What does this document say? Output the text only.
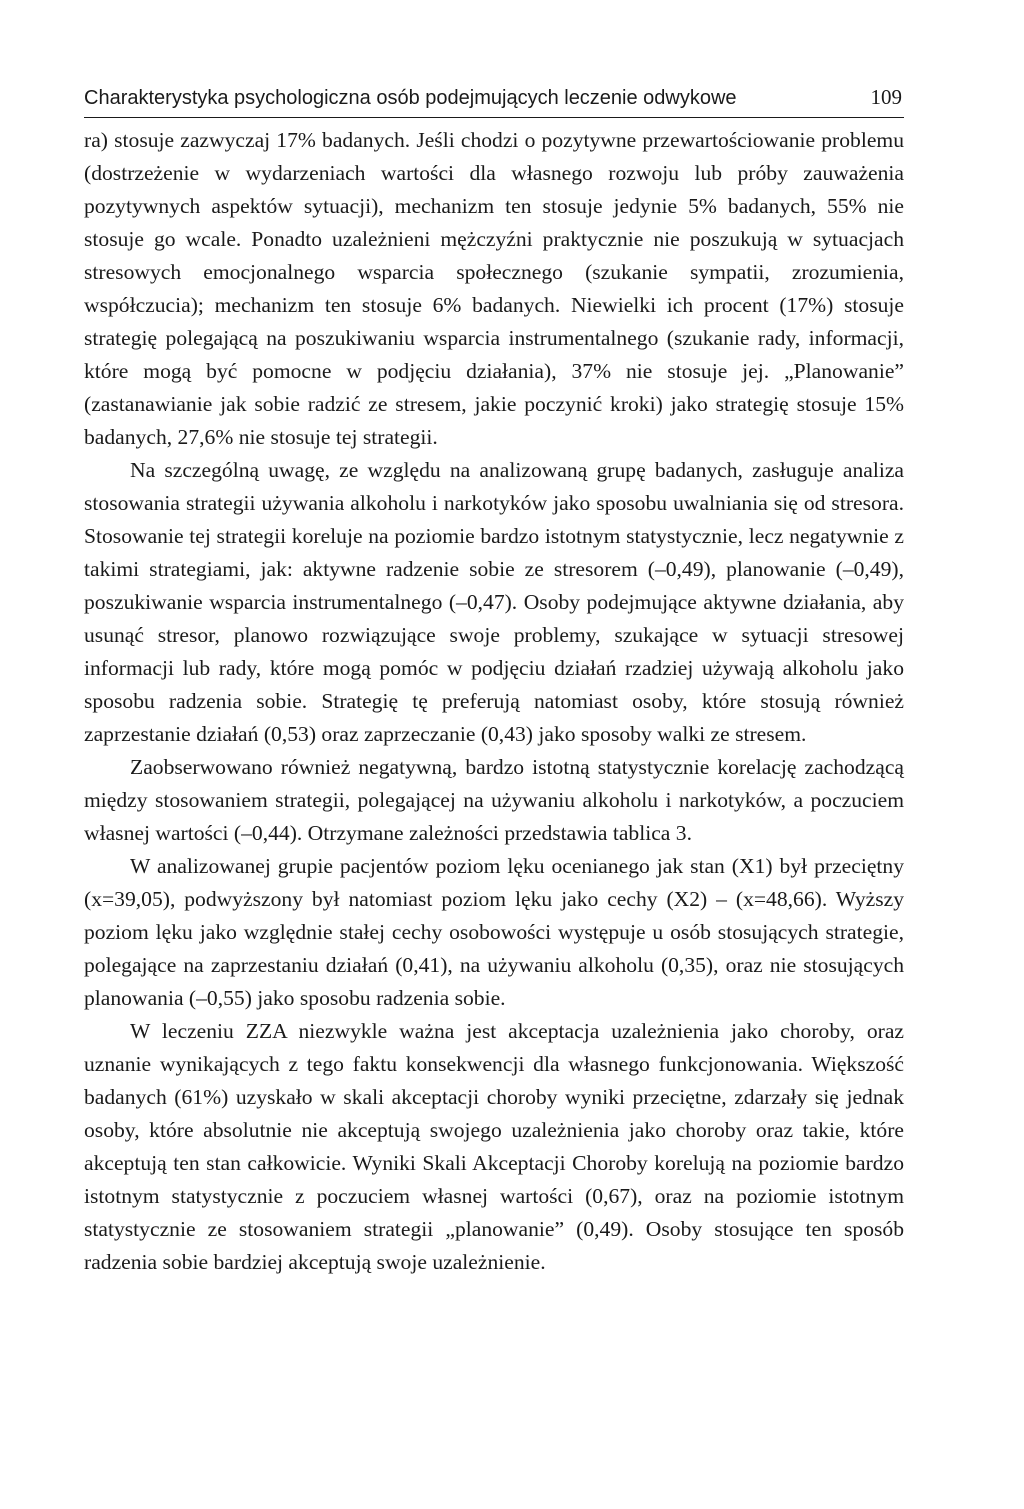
Charakterystyka psychologiczna osób podejmujących leczenie odwykowe	109

ra) stosuje zazwyczaj 17% badanych. Jeśli chodzi o pozytywne przewartościowanie problemu (dostrzeżenie w wydarzeniach wartości dla własnego rozwoju lub próby zauważenia pozytywnych aspektów sytuacji), mechanizm ten stosuje jedynie 5% badanych, 55% nie stosuje go wcale. Ponadto uzależnieni mężczyźni praktycznie nie poszukują w sytuacjach stresowych emocjonalnego wsparcia społecznego (szukanie sympatii, zrozumienia, współczucia); mechanizm ten stosuje 6% badanych. Niewielki ich procent (17%) stosuje strategię polegającą na poszukiwaniu wsparcia instrumentalnego (szukanie rady, informacji, które mogą być pomocne w podjęciu działania), 37% nie stosuje jej. „Planowanie” (zastanawianie jak sobie radzić ze stresem, jakie poczynić kroki) jako strategię stosuje 15% badanych, 27,6% nie stosuje tej strategii.

Na szczególną uwagę, ze względu na analizowaną grupę badanych, zasługuje analiza stosowania strategii używania alkoholu i narkotyków jako sposobu uwalniania się od stresora. Stosowanie tej strategii koreluje na poziomie bardzo istotnym statystycznie, lecz negatywnie z takimi strategiami, jak: aktywne radzenie sobie ze stresorem (–0,49), planowanie (–0,49), poszukiwanie wsparcia instrumentalnego (–0,47). Osoby podejmujące aktywne działania, aby usunąć stresor, planowo rozwiązujące swoje problemy, szukające w sytuacji stresowej informacji lub rady, które mogą pomóc w podjęciu działań rzadziej używają alkoholu jako sposobu radzenia sobie. Strategię tę preferują natomiast osoby, które stosują również zaprzestanie działań (0,53) oraz zaprzeczanie (0,43) jako sposoby walki ze stresem.

Zaobserwowano również negatywną, bardzo istotną statystycznie korelację zachodzącą między stosowaniem strategii, polegającej na używaniu alkoholu i narkotyków, a poczuciem własnej wartości (–0,44). Otrzymane zależności przedstawia tablica 3.

W analizowanej grupie pacjentów poziom lęku ocenianego jak stan (X1) był przeciętny (x=39,05), podwyższony był natomiast poziom lęku jako cechy (X2) – (x=48,66). Wyższy poziom lęku jako względnie stałej cechy osobowości występuje u osób stosujących strategie, polegające na zaprzestaniu działań (0,41), na używaniu alkoholu (0,35), oraz nie stosujących planowania (–0,55) jako sposobu radzenia sobie.

W leczeniu ZZA niezwykle ważna jest akceptacja uzależnienia jako choroby, oraz uznanie wynikających z tego faktu konsekwencji dla własnego funkcjonowania. Większość badanych (61%) uzyskało w skali akceptacji choroby wyniki przeciętne, zdarzały się jednak osoby, które absolutnie nie akceptują swojego uzależnienia jako choroby oraz takie, które akceptują ten stan całkowicie. Wyniki Skali Akceptacji Choroby korelują na poziomie bardzo istotnym statystycznie z poczuciem własnej wartości (0,67), oraz na poziomie istotnym statystycznie ze stosowaniem strategii „planowanie” (0,49). Osoby stosujące ten sposób radzenia sobie bardziej akceptują swoje uzależnienie.
